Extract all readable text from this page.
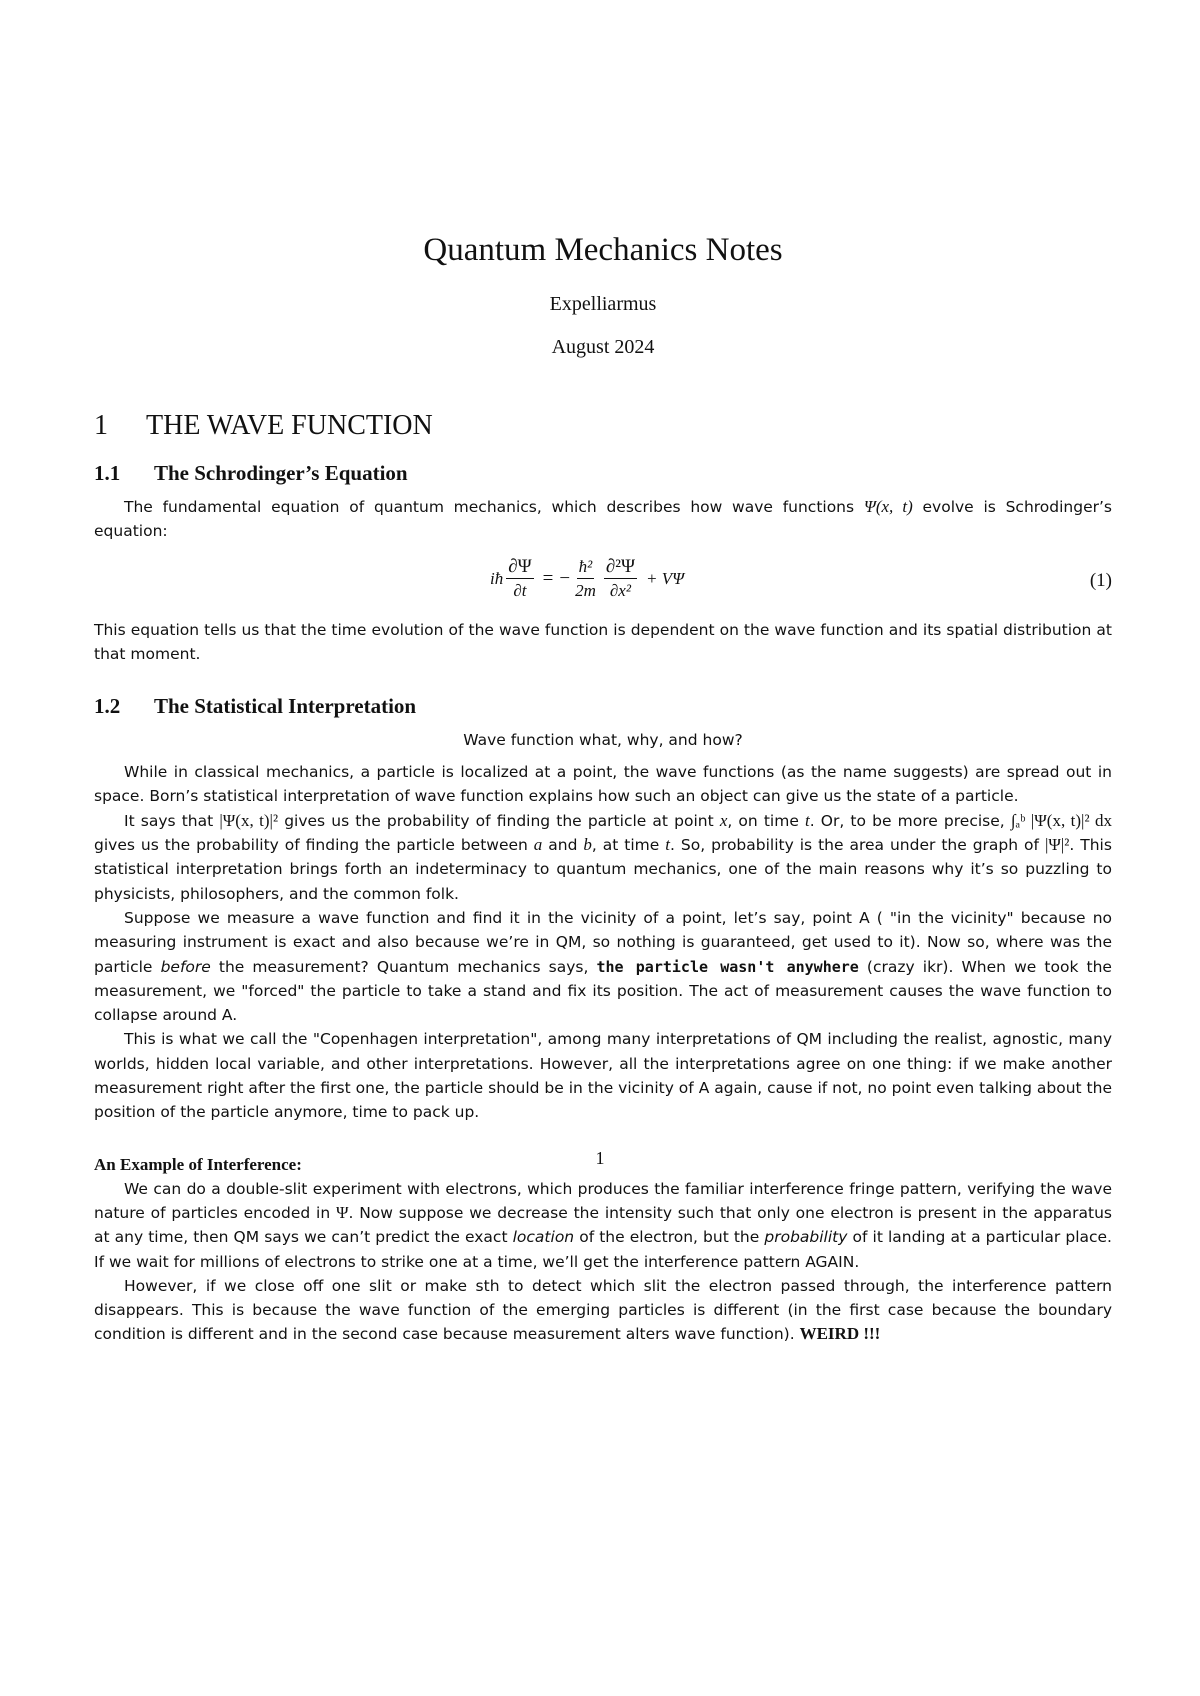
Quantum Mechanics Notes
Expelliarmus
August 2024
1 THE WAVE FUNCTION
1.1 The Schrodinger’s Equation

The fundamental equation of quantum mechanics, which describes how wave functions Ψ(x, t) evolve is Schrodinger’s equation:

iħ $\frac{\partial\Psi}{\partial t}$ = − $\frac{\text{ħ²}}{2m} \frac{\text{∂²Ψ}}{\text{∂x²}} + V\Psi$	(1)

This equation tells us that the time evolution of the wave function is dependent on the wave function and its spatial distribution at that moment.

1.2 The Statistical Interpretation
Wave function what, why, and how?

While in classical mechanics, a particle is localized at a point, the wave functions (as the name suggests) are spread out in space. Born’s statistical interpretation of wave function explains how such an object can give us the state of a particle.

It says that |Ψ(x, t)|² gives us the probability of finding the particle at point x, on time t. Or, to be more precise, ∫ₐᵇ |Ψ(x, t)|² dx gives us the probability of finding the particle between a and b, at time t. So, probability is the area under the graph of |Ψ|². This statistical interpretation brings forth an indeterminacy to quantum mechanics, one of the main reasons why it’s so puzzling to physicists, philosophers, and the common folk.

Suppose we measure a wave function and find it in the vicinity of a point, let’s say, point A ( "in the vicinity" because no measuring instrument is exact and also because we’re in QM, so nothing is guaranteed, get used to it). Now so, where was the particle before the measurement? Quantum mechanics says, the particle wasn't anywhere (crazy ikr). When we took the measurement, we "forced" the particle to take a stand and fix its position. The act of measurement causes the wave function to collapse around A.

This is what we call the "Copenhagen interpretation", among many interpretations of QM including the realist, agnostic, many worlds, hidden local variable, and other interpretations. However, all the interpretations agree on one thing: if we make another measurement right after the first one, the particle should be in the vicinity of A again, cause if not, no point even talking about the position of the particle anymore, time to pack up.

An Example of Interference:

We can do a double-slit experiment with electrons, which produces the familiar interference fringe pattern, verifying the wave nature of particles encoded in Ψ. Now suppose we decrease the intensity such that only one electron is present in the apparatus at any time, then QM says we can’t predict the exact location of the electron, but the probability of it landing at a particular place. If we wait for millions of electrons to strike one at a time, we’ll get the interference pattern AGAIN.

However, if we close off one slit or make sth to detect which slit the electron passed through, the interference pattern disappears. This is because the wave function of the emerging particles is different (in the first case because the boundary condition is different and in the second case because measurement alters wave function). WEIRD !!!

1
